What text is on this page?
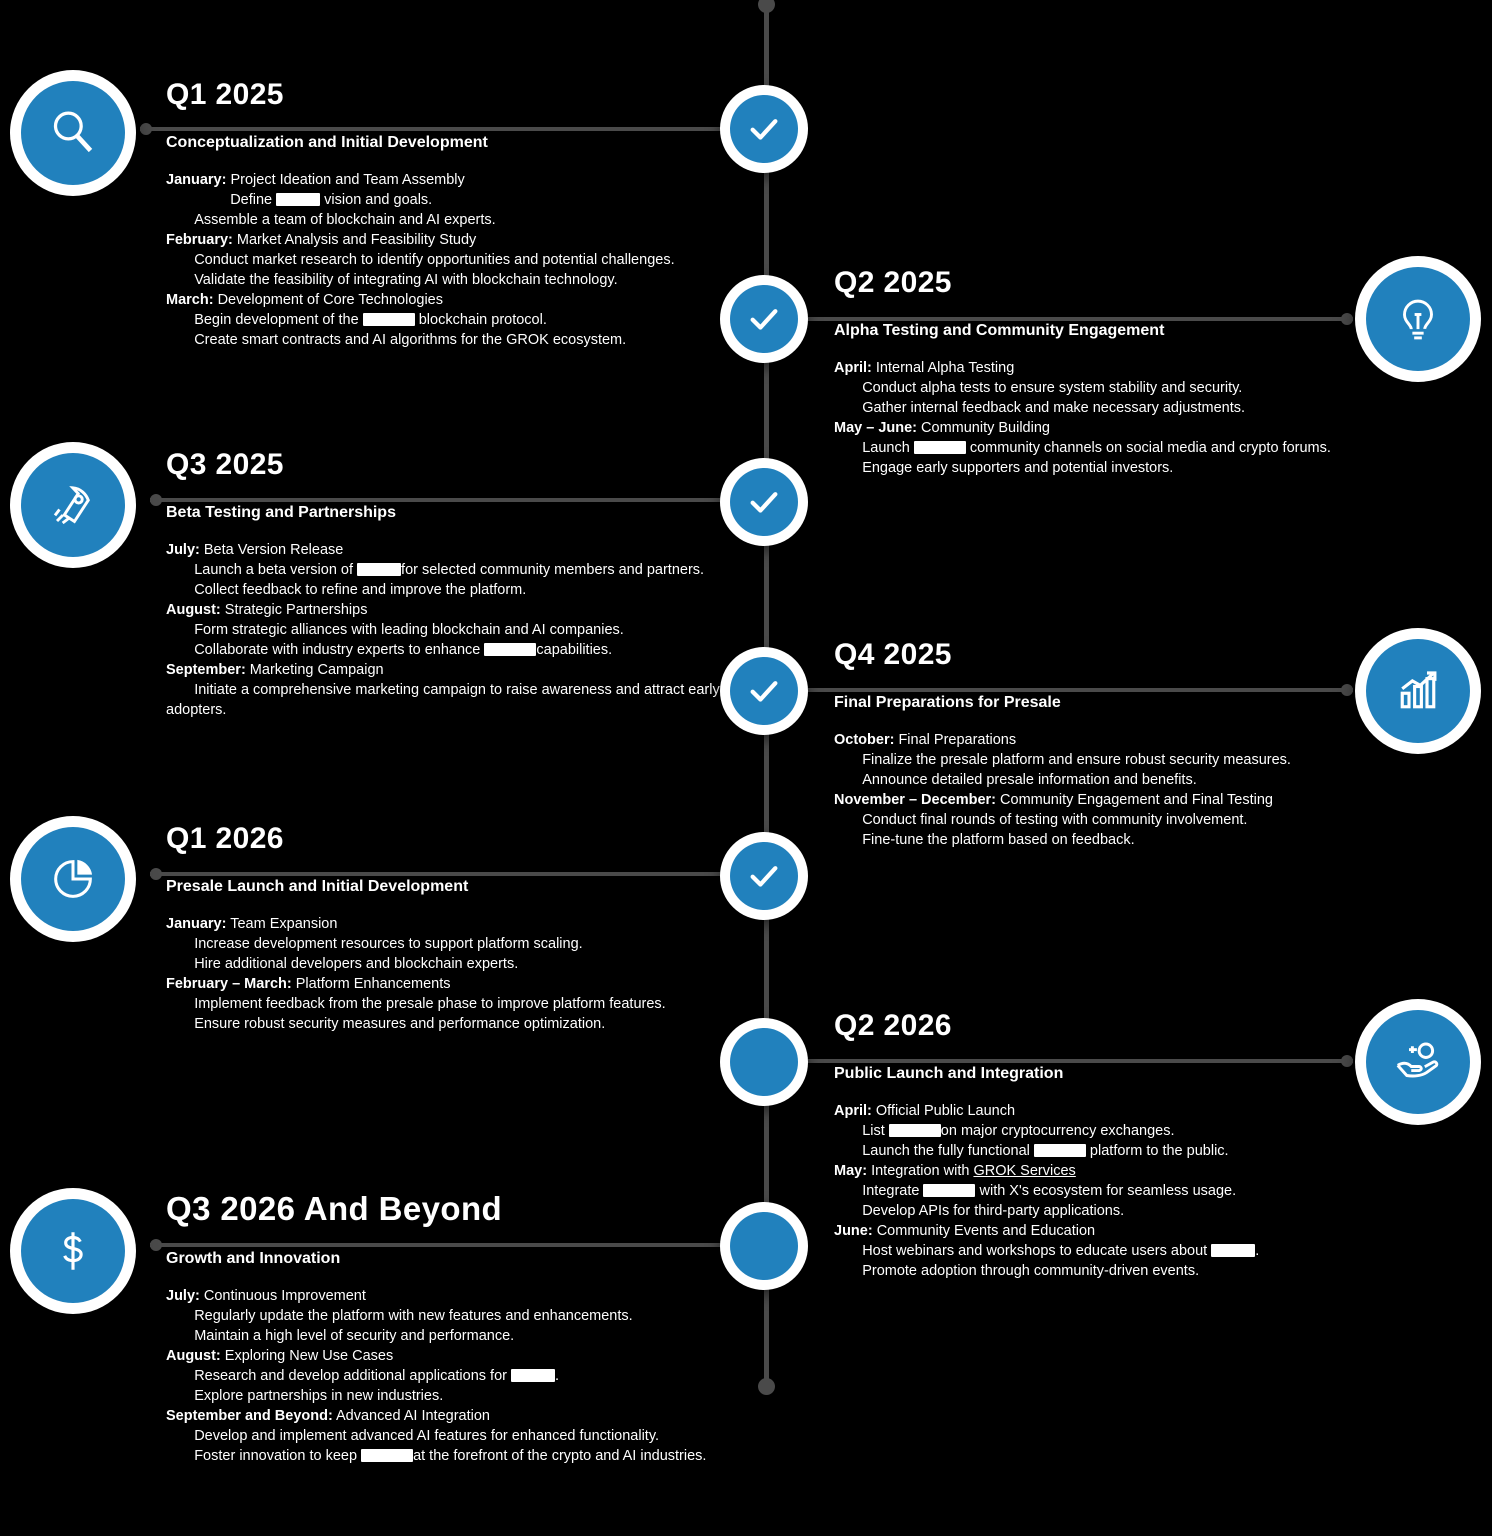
Q1 2025
Conceptualization and Initial Development

January: Project Ideation and Team Assembly

Define	vision and goals.

Assemble a team of blockchain and AI experts.

February: Market Analysis and Feasibility Study

Conduct market research to identify opportunities and potential challenges.

Validate the feasibility of integrating AI with blockchain technology.

March: Development of Core Technologies

Begin development of the	blockchain protocol.

Create smart contracts and AI algorithms for the GROK ecosystem.

Q2 2025
Alpha Testing and Community Engagement

April: Internal Alpha Testing

Conduct alpha tests to ensure system stability and security.

Gather internal feedback and make necessary adjustments.

May – June: Community Building

Launch	community channels on social media and crypto forums.

Engage early supporters and potential investors.

Q3 2025
Beta Testing and Partnerships

July: Beta Version Release

Launch a beta version of	for selected community members and partners.

Collect feedback to refine and improve the platform.

August: Strategic Partnerships

Form strategic alliances with leading blockchain and AI companies.

Collaborate with industry experts to enhance	capabilities.

September: Marketing Campaign

Initiate a comprehensive marketing campaign to raise awareness and attract early adopters.

Q4 2025
Final Preparations for Presale

October: Final Preparations

Finalize the presale platform and ensure robust security measures.

Announce detailed presale information and benefits.

November – December: Community Engagement and Final Testing

Conduct final rounds of testing with community involvement.

Fine-tune the platform based on feedback.

Q1 2026
Presale Launch and Initial Development

January: Team Expansion

Increase development resources to support platform scaling.

Hire additional developers and blockchain experts.

February – March: Platform Enhancements

Implement feedback from the presale phase to improve platform features.

Ensure robust security measures and performance optimization.	Q2 2026
Public Launch and Integration

April: Official Public Launch

List	on major cryptocurrency exchanges.

Launch the fully functional	platform to the public.

May: Integration with GROK Services

Integrate	with X's ecosystem for seamless usage.

Develop APIs for third-party applications.

June: Community Events and Education

Host webinars and workshops to educate users about	.

Promote adoption through community-driven events.

Q3 2026 And Beyond
Growth and Innovation

July: Continuous Improvement

Regularly update the platform with new features and enhancements.

Maintain a high level of security and performance.

August: Exploring New Use Cases

Research and develop additional applications for	.

Explore partnerships in new industries.

September and Beyond: Advanced AI Integration

Develop and implement advanced AI features for enhanced functionality.

Foster innovation to keep	at the forefront of the crypto and AI industries.
